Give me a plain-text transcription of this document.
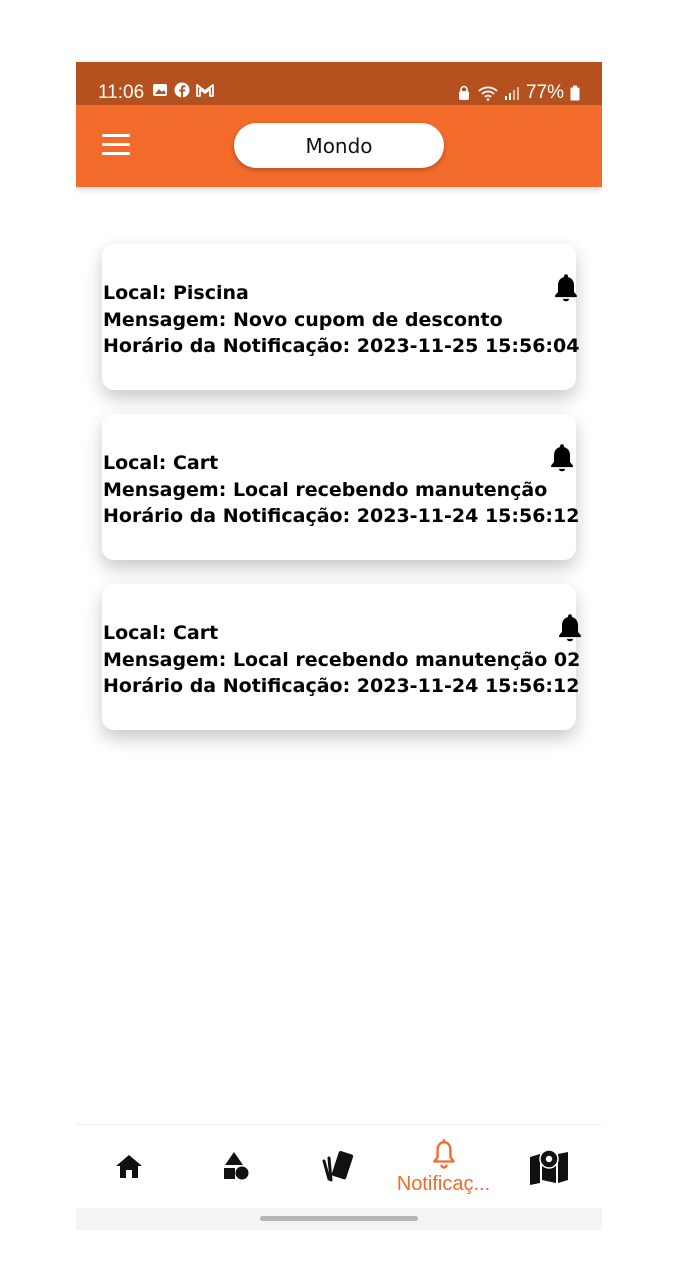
11:06	77%
Mondo
Local: Piscina
Mensagem: Novo cupom de desconto
Horário da Notificação: 2023-11-25 15:56:04
Local: Cart
Mensagem: Local recebendo manutenção
Horário da Notificação: 2023-11-24 15:56:12
Local: Cart
Mensagem: Local recebendo manutenção 02
Horário da Notificação: 2023-11-24 15:56:12
Notificaç...
